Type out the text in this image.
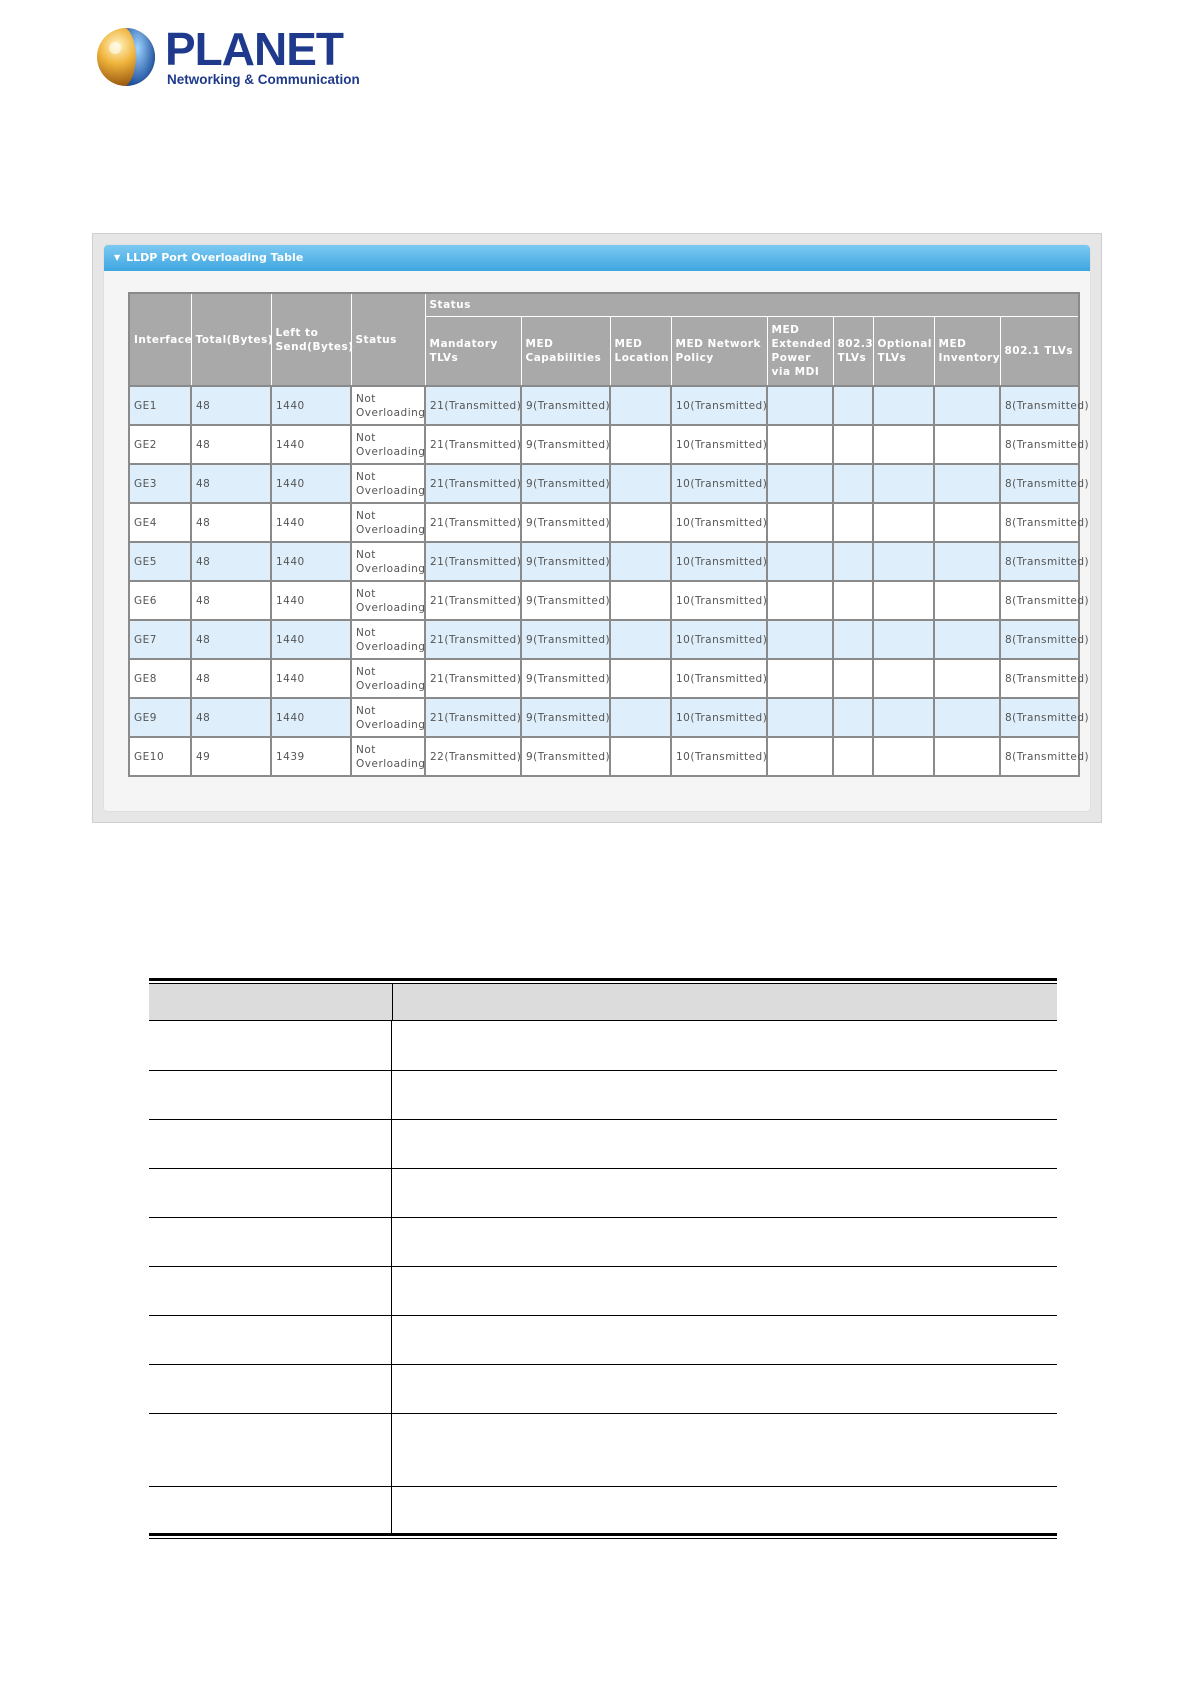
PLANET
Networking & Communication
▼ LLDP Port Overloading Table
Interface	Total(Bytes)	Left to Send(Bytes)	Status	Status								
				Mandatory TLVs	MED Capabilities	MED Location	MED Network Policy	MED Extended Power via MDI	802.3 TLVs	Optional TLVs	MED Inventory	802.1 TLVs
GE1	48	1440	Not Overloading	21(Transmitted)	9(Transmitted)		10(Transmitted)					8(Transmitted)
GE2	48	1440	Not Overloading	21(Transmitted)	9(Transmitted)		10(Transmitted)					8(Transmitted)
GE3	48	1440	Not Overloading	21(Transmitted)	9(Transmitted)		10(Transmitted)					8(Transmitted)
GE4	48	1440	Not Overloading	21(Transmitted)	9(Transmitted)		10(Transmitted)					8(Transmitted)
GE5	48	1440	Not Overloading	21(Transmitted)	9(Transmitted)		10(Transmitted)					8(Transmitted)
GE6	48	1440	Not Overloading	21(Transmitted)	9(Transmitted)		10(Transmitted)					8(Transmitted)
GE7	48	1440	Not Overloading	21(Transmitted)	9(Transmitted)		10(Transmitted)					8(Transmitted)
GE8	48	1440	Not Overloading	21(Transmitted)	9(Transmitted)		10(Transmitted)					8(Transmitted)
GE9	48	1440	Not Overloading	21(Transmitted)	9(Transmitted)		10(Transmitted)					8(Transmitted)
GE10	49	1439	Not Overloading	22(Transmitted)	9(Transmitted)		10(Transmitted)					8(Transmitted)
